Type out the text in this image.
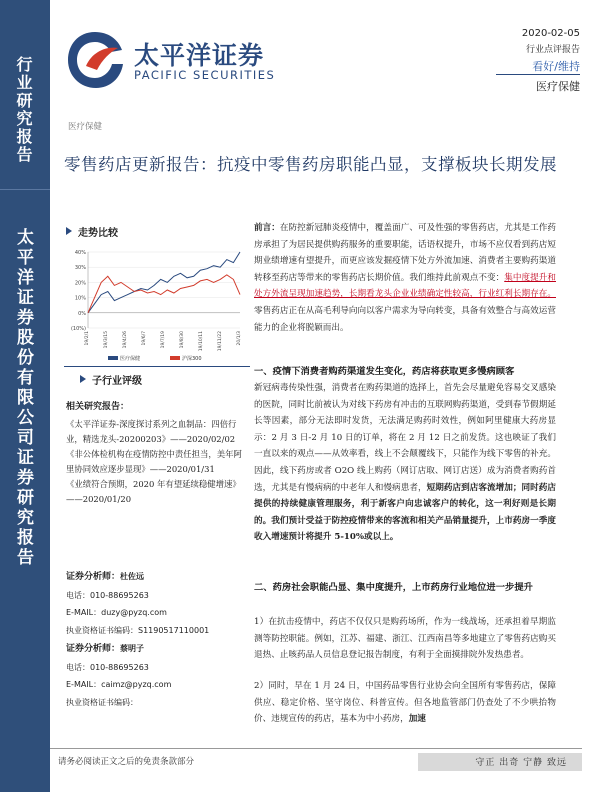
行业研究报告
太平洋证券股份有限公司证券研究报告
太平洋证券
PACIFIC SECURITIES
2020-02-05
行业点评报告
看好/维持
医疗保健
医疗保健
零售药店更新报告：抗疫中零售药房职能凸显，支撑板块长期发展
走势比较
40%
30%
20%
10%
0%
(10%)
19/2/1	19/3/15	19/4/26	19/6/7	19/7/19	19/8/30	19/10/11	19/11/22	20/1/3
医疗保健	沪深300
子行业评级
相关研究报告：
《太平洋证券-深度探讨系列之血制品：四倍行业，精选龙头-20200203》——2020/02/02
《非公体检机构在疫情防控中责任担当，美年阿里协同效应逐步显现》——2020/01/31
《业绩符合预期，2020 年有望延续稳健增速》——2020/01/20
证券分析师：杜佐远
电话：010-88695263
E-MAIL：duzy@pyzq.com
执业资格证书编码：S1190517110001
证券分析师：蔡明子
电话：010-88695263
E-MAIL：caimz@pyzq.com
执业资格证书编码：
前言：在防控新冠肺炎疫情中，覆盖面广、可及性强的零售药店，尤其是工作药房承担了为居民提供购药服务的重要职能，话语权提升，市场不应仅看到药店短期业绩增速有望提升，而更应该发掘疫情下处方外流加速、消费者主要购药渠道转移至药店等带来的零售药店长期价值。我们维持此前观点不变：集中度提升和处方外流呈现加速趋势，长期看龙头企业业绩确定性较高，行业红利长期存在。零售药店正在从高毛利导向向以客户需求为导向转变，具备有效整合与高效运营能力的企业将脱颖而出。
一、疫情下消费者购药渠道发生变化，药店将获取更多慢病顾客
新冠病毒传染性强，消费者在购药渠道的选择上，首先会尽量避免容易交叉感染的医院，同时比前被认为对线下药房有冲击的互联网购药渠道，受到春节假期延长等因素，部分无法即时发货，无法满足购药时效性，例如阿里健康大药房显示：2 月 3 日-2 月 10 日的订单，将在 2 月 12 日之前发货。这也映证了我们一直以来的观点——从效率看，线上不会颠覆线下，只能作为线下零售的补充。因此，线下药房或者 O2O 线上购药（网订店取、网订店送）成为消费者购药首选，尤其是有慢病病的中老年人和慢病患者，短期药店到店客流增加；同时药店提供的持续健康管理服务，利于新客户向忠诚客户的转化，这一利好则是长期的。我们预计受益于防控疫情带来的客流和相关产品销量提升，上市药房一季度收入增速预计将提升 5-10%或以上。
二、药房社会职能凸显、集中度提升，上市药房行业地位进一步提升
1）在抗击疫情中，药店不仅仅只是购药场所，作为一线战场，还承担着早期监测等防控职能。例如，江苏、福建、浙江、江西南昌等多地建立了零售药店购买退热、止咳药品人员信息登记报告制度，有利于全面摸排院外发热患者。
2）同时，早在 1 月 24 日，中国药品零售行业协会向全国所有零售药店，保障供应、稳定价格、坚守岗位、科普宣传。但各地监管部门仍查处了不少哄抬物价、违规宣传的药店，基本为中小药房，加速
请务必阅读正文之后的免责条款部分	守正 出奇 宁静 致远
